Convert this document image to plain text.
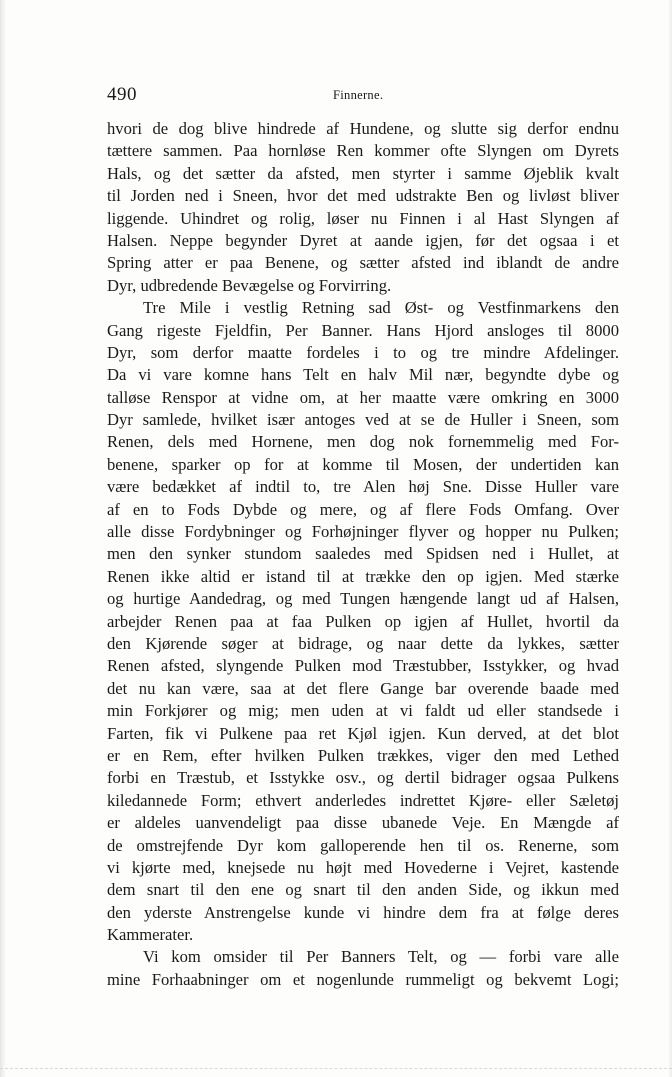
490	Finnerne.
hvori de dog blive hindrede af Hundene, og slutte sig derfor endnu
tættere sammen. Paa hornløse Ren kommer ofte Slyngen om Dyrets
Hals, og det sætter da afsted, men styrter i samme Øjeblik kvalt
til Jorden ned i Sneen, hvor det med udstrakte Ben og livløst bliver
liggende. Uhindret og rolig, løser nu Finnen i al Hast Slyngen af
Halsen. Neppe begynder Dyret at aande igjen, før det ogsaa i et
Spring atter er paa Benene, og sætter afsted ind iblandt de andre
Dyr, udbredende Bevægelse og Forvirring.
Tre Mile i vestlig Retning sad Øst- og Vestfinmarkens den
Gang rigeste Fjeldfin, Per Banner. Hans Hjord ansloges til 8000
Dyr, som derfor maatte fordeles i to og tre mindre Afdelinger.
Da vi vare komne hans Telt en halv Mil nær, begyndte dybe og
talløse Renspor at vidne om, at her maatte være omkring en 3000
Dyr samlede, hvilket især antoges ved at se de Huller i Sneen, som
Renen, dels med Hornene, men dog nok fornemmelig med For-
benene, sparker op for at komme til Mosen, der undertiden kan
være bedækket af indtil to, tre Alen høj Sne. Disse Huller vare
af en to Fods Dybde og mere, og af flere Fods Omfang. Over
alle disse Fordybninger og Forhøjninger flyver og hopper nu Pulken;
men den synker stundom saaledes med Spidsen ned i Hullet, at
Renen ikke altid er istand til at trække den op igjen. Med stærke
og hurtige Aandedrag, og med Tungen hængende langt ud af Halsen,
arbejder Renen paa at faa Pulken op igjen af Hullet, hvortil da
den Kjørende søger at bidrage, og naar dette da lykkes, sætter
Renen afsted, slyngende Pulken mod Træstubber, Isstykker, og hvad
det nu kan være, saa at det flere Gange bar overende baade med
min Forkjører og mig; men uden at vi faldt ud eller standsede i
Farten, fik vi Pulkene paa ret Kjøl igjen. Kun derved, at det blot
er en Rem, efter hvilken Pulken trækkes, viger den med Lethed
forbi en Træstub, et Isstykke osv., og dertil bidrager ogsaa Pulkens
kiledannede Form; ethvert anderledes indrettet Kjøre- eller Sæletøj
er aldeles uanvendeligt paa disse ubanede Veje. En Mængde af
de omstrejfende Dyr kom galloperende hen til os. Renerne, som
vi kjørte med, knejsede nu højt med Hovederne i Vejret, kastende
dem snart til den ene og snart til den anden Side, og ikkun med
den yderste Anstrengelse kunde vi hindre dem fra at følge deres
Kammerater.
Vi kom omsider til Per Banners Telt, og — forbi vare alle
mine Forhaabninger om et nogenlunde rummeligt og bekvemt Logi;
